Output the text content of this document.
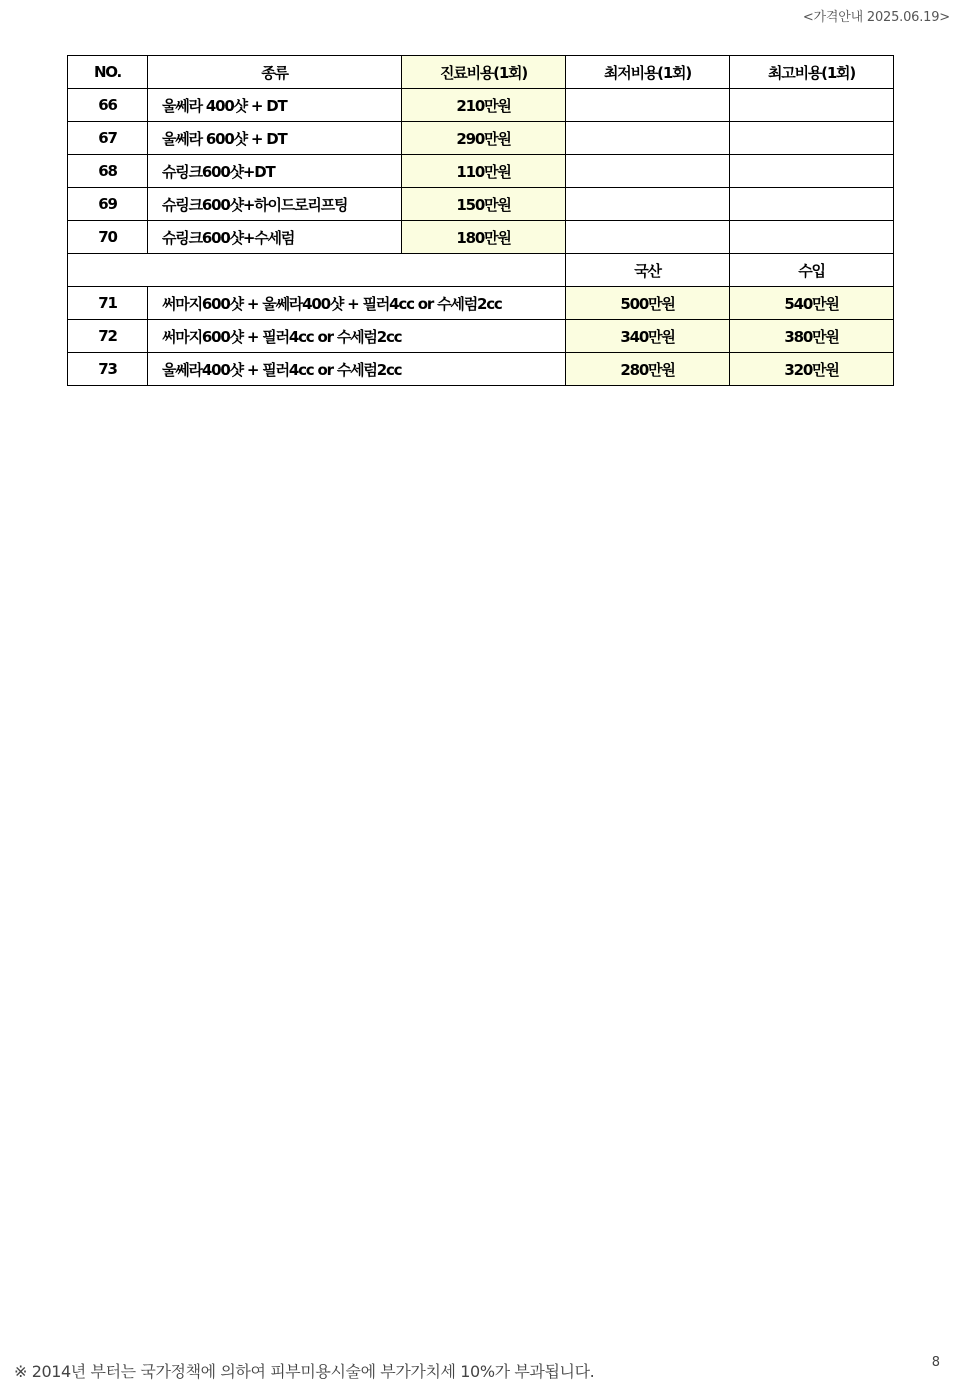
<가격안내 2025.06.19>
NO.	종류	진료비용(1회)	최저비용(1회)	최고비용(1회)
66	울쎄라 400샷 + DT	210만원		
67	울쎄라 600샷 + DT	290만원		
68	슈링크600샷+DT	110만원		
69	슈링크600샷+하이드로리프팅	150만원		
70	슈링크600샷+수세럼	180만원		
			국산	수입
71	써마지600샷 + 울쎄라400샷 + 필러4cc or 수세럼2cc		500만원	540만원
72	써마지600샷 + 필러4cc or 수세럼2cc		340만원	380만원
73	울쎄라400샷 + 필러4cc or 수세럼2cc		280만원	320만원
※ 2014년 부터는 국가정책에 의하여 피부미용시술에 부가가치세 10%가 부과됩니다.	8
